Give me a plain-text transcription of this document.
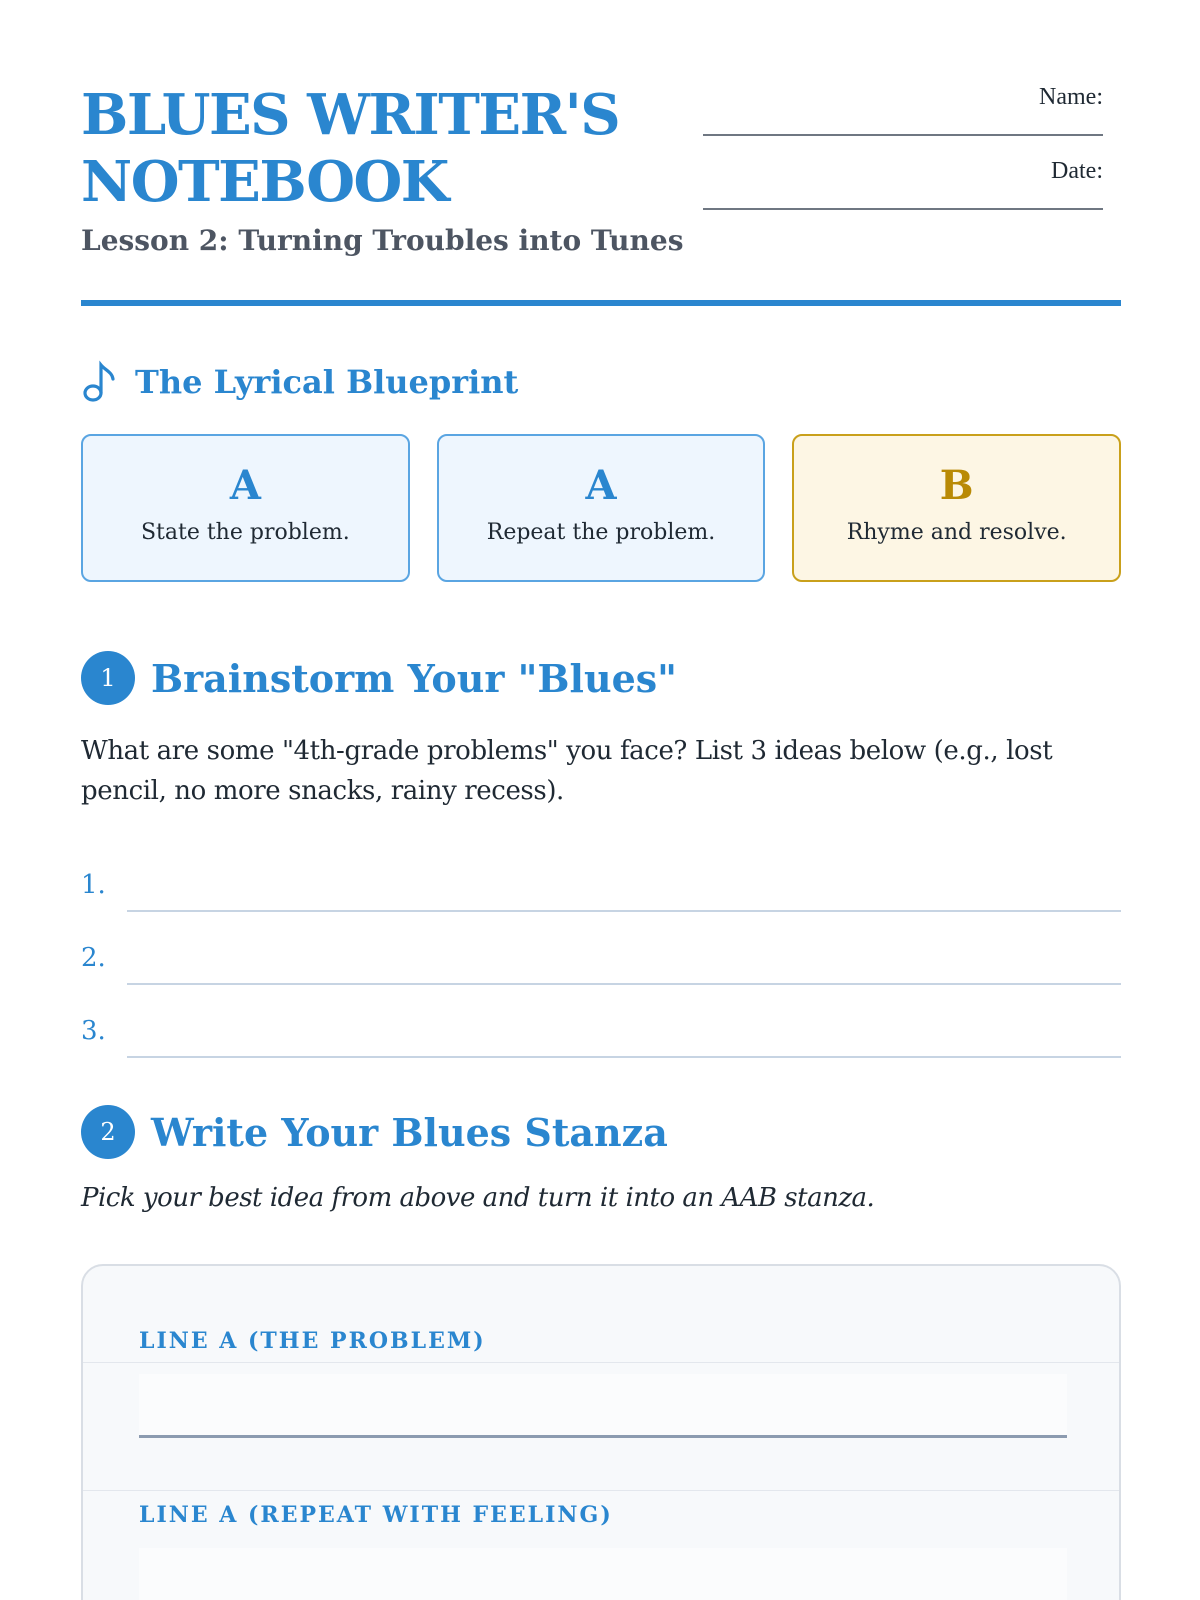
BLUES WRITER'S NOTEBOOK
Lesson 2: Turning Troubles into Tunes
Name:
Date:
The Lyrical Blueprint
A
State the problem.
A
Repeat the problem.
B
Rhyme and resolve.
1 Brainstorm Your "Blues"
What are some "4th-grade problems" you face? List 3 ideas below (e.g., lost pencil, no more snacks, rainy recess).
1.
2.
3.
2 Write Your Blues Stanza
Pick your best idea from above and turn it into an AAB stanza.
LINE A (THE PROBLEM)
LINE A (REPEAT WITH FEELING)
